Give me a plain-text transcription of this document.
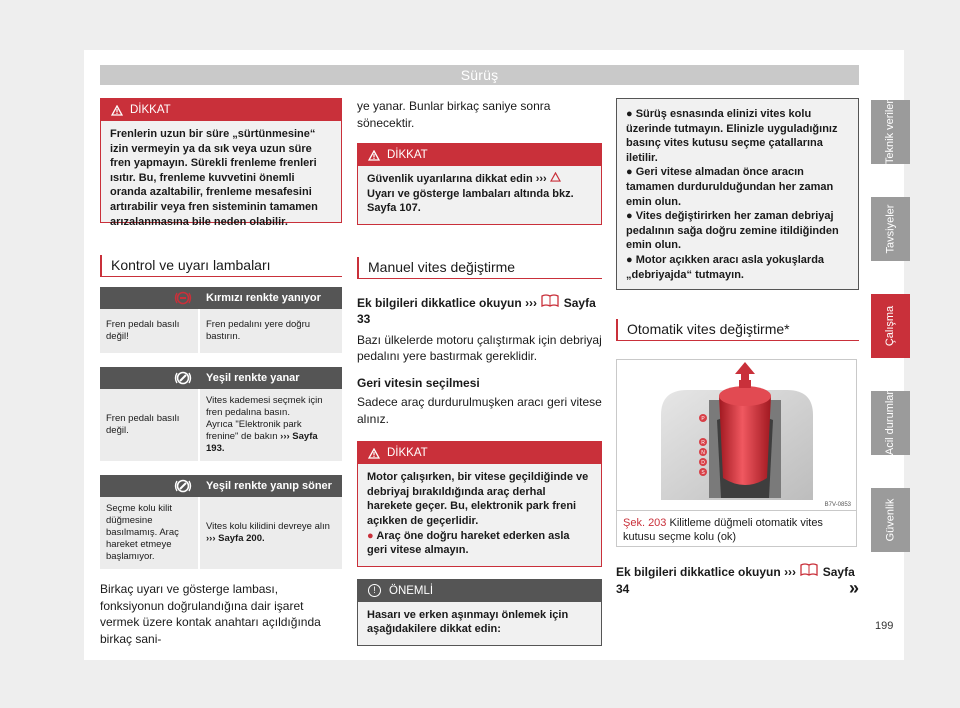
Sürüş
DİKKAT
Frenlerin uzun bir süre „sürtünmesine“ izin vermeyin ya da sık veya uzun süre fren yapmayın. Sürekli frenleme frenleri ısıtır. Bu, frenleme kuvvetini önemli oranda azaltabilir, frenleme mesafesini artırabilir veya fren sisteminin tamamen arızalanmasına bile neden olabilir.
Kontrol ve uyarı lambaları
	Kırmızı renkte yanıyor
Fren pedalı basılı değil!	Fren pedalını yere doğru bastırın.
	Yeşil renkte yanar
Fren pedalı basılı değil.	Vites kademesi seçmek için fren pedalına basın.
Ayrıca "Elektronik park frenine" de bakın ››› Sayfa 193.
	Yeşil renkte yanıp söner
Seçme kolu kilit düğmesine basılmamış. Araç hareket etmeye başlamıyor.	Vites kolu kilidini devreye alın
››› Sayfa 200.

Birkaç uyarı ve gösterge lambası, fonksiyonun doğrulandığına dair işaret vermek üzere kontak anahtarı açıldığında birkaç sani-

ye yanar. Bunlar birkaç saniye sonra sönecektir.

DİKKAT
Güvenlik uyarılarına dikkat edin ›››
Uyarı ve gösterge lambaları altında bkz. Sayfa 107.
Manuel vites değiştirme

Ek bilgileri dikkatlice okuyun ››› Sayfa 33

Bazı ülkelerde motoru çalıştırmak için debriyaj pedalını yere bastırmak gereklidir.

Geri vitesin seçilmesi

Sadece araç durdurulmuşken aracı geri vitese alınız.

DİKKAT
Motor çalışırken, bir vitese geçildiğinde ve debriyaj bırakıldığında araç derhal harekete geçer. Bu, elektronik park freni açıkken de geçerlidir.
● Araç öne doğru hareket ederken asla geri vitese almayın.
!	ÖNEMLİ
Hasarı ve erken aşınmayı önlemek için aşağıdakilere dikkat edin:
● Sürüş esnasında elinizi vites kolu üzerinde tutmayın. Elinizle uyguladığınız basınç vites kutusu seçme çatallarına iletilir.
● Geri vitese almadan önce aracın tamamen durdurulduğundan her zaman emin olun.
● Vites değiştirirken her zaman debriyaj pedalının sağa doğru zemine itildiğinden emin olun.
● Motor açıkken aracı asla yokuşlarda „debriyajda“ tutmayın.
Otomatik vites değiştirme*
P
R
N
D
S
B7V-0853
Şek. 203 Kilitleme düğmeli otomatik vites kutusu seçme kolu (ok)

Ek bilgileri dikkatlice okuyun ››› Sayfa 34	»

Teknik veriler
Tavsiyeler
Çalışma
Acil durumlar
Güvenlik
199
